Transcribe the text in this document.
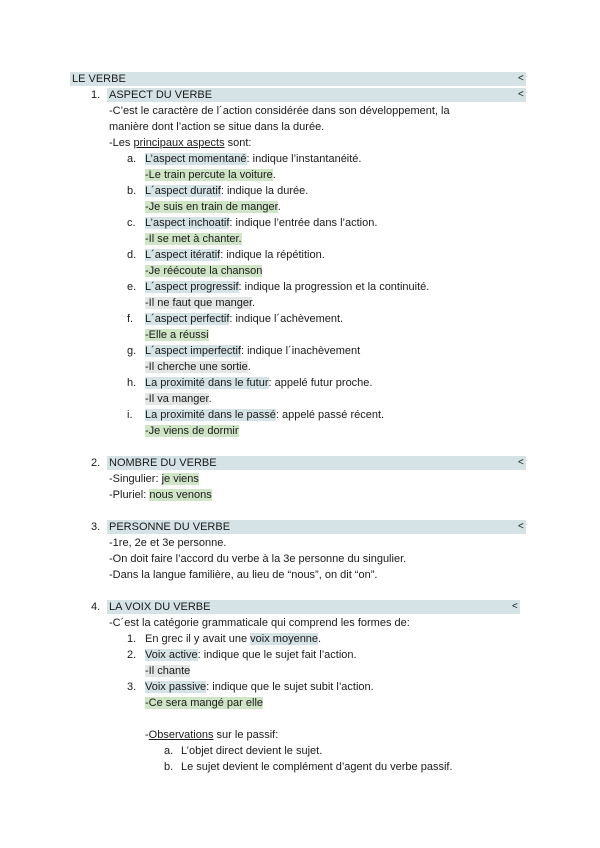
LE VERBE	<
1. ASPECT DU VERBE	<
-C’est le caractère de l´action considérée dans son développement, la
manière dont l’action se situe dans la durée.
-Les principaux aspects sont:
a. L’aspect momentané: indique l’instantanéité.
-Le train percute la voiture.
b. L´aspect duratif: indique la durée.
-Je suis en train de manger.
c. L’aspect inchoatif: indique l’entrée dans l’action.
-Il se met à chanter.
d. L´aspect itératif: indique la répétition.
-Je réécoute la chanson
e. L´aspect progressif: indique la progression et la continuité.
-Il ne faut que manger.
f. L´aspect perfectif: indique l´achèvement.
-Elle a réussi
g. L´aspect imperfectif: indique l´inachèvement
-Il cherche une sortie.
h. La proximité dans le futur: appelé futur proche.
-Il va manger.
i. La proximité dans le passé: appelé passé récent.
-Je viens de dormir
2. NOMBRE DU VERBE	<
-Singulier: je viens
-Pluriel: nous venons
3. PERSONNE DU VERBE	<
-1re, 2e et 3e personne.
-On doit faire l’accord du verbe à la 3e personne du singulier.
-Dans la langue familière, au lieu de “nous”, on dit “on”.
4. LA VOIX DU VERBE	<
-C´est la catégorie grammaticale qui comprend les formes de:
1. En grec il y avait une voix moyenne.
2. Voix active: indique que le sujet fait l’action.
-Il chante
3. Voix passive: indique que le sujet subit l’action.
-Ce sera mangé par elle
-Observations sur le passif:
a. L’objet direct devient le sujet.
b. Le sujet devient le complément d’agent du verbe passif.
